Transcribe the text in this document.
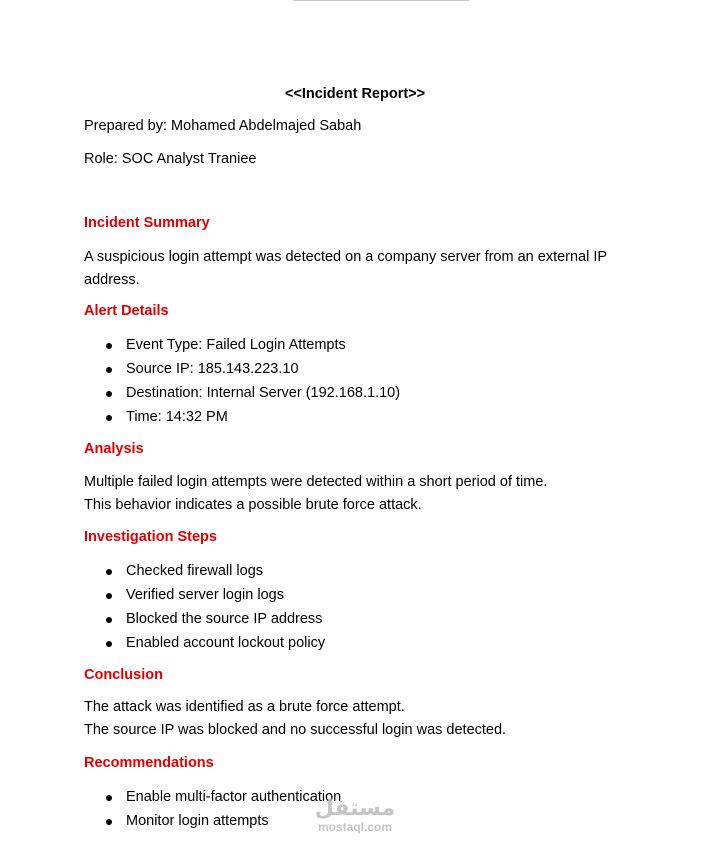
<<Incident Report>>
Prepared by: Mohamed Abdelmajed Sabah
Role: SOC Analyst Traniee
Incident Summary
A suspicious login attempt was detected on a company server from an external IP
address.
Alert Details
Event Type: Failed Login Attempts
Source IP: 185.143.223.10
Destination: Internal Server (192.168.1.10)
Time: 14:32 PM
Analysis
Multiple failed login attempts were detected within a short period of time.
This behavior indicates a possible brute force attack.
Investigation Steps
Checked firewall logs
Verified server login logs
Blocked the source IP address
Enabled account lockout policy
Conclusion
The attack was identified as a brute force attempt.
The source IP was blocked and no successful login was detected.
Recommendations
Enable multi-factor authentication
Monitor login attempts
مستقل
mostaql.com
